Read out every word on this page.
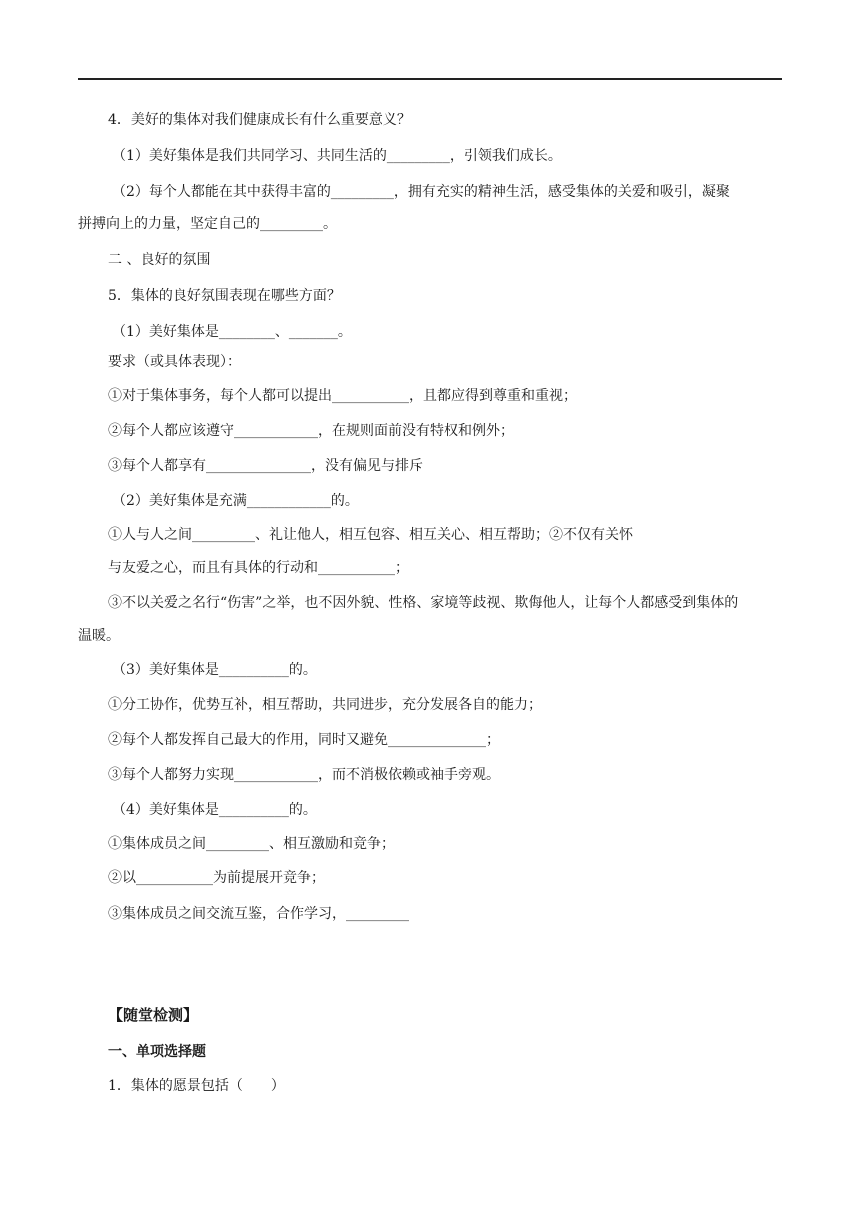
4．美好的集体对我们健康成长有什么重要意义？
（1）美好集体是我们共同学习、共同生活的_________，引领我们成长。
（2）每个人都能在其中获得丰富的_________，拥有充实的精神生活，感受集体的关爱和吸引，凝聚
拼搏向上的力量，坚定自己的_________。
二 、良好的氛围
5．集体的良好氛围表现在哪些方面？
（1）美好集体是________、_______。
要求（或具体表现）：
①对于集体事务，每个人都可以提出___________，且都应得到尊重和重视；
②每个人都应该遵守____________，在规则面前没有特权和例外；
③每个人都享有_______________，没有偏见与排斥
（2）美好集体是充满____________的。
①人与人之间_________、礼让他人，相互包容、相互关心、相互帮助；②不仅有关怀
与友爱之心，而且有具体的行动和___________；
③不以关爱之名行“伤害”之举，也不因外貌、性格、家境等歧视、欺侮他人，让每个人都感受到集体的
温暖。
（3）美好集体是__________的。
①分工协作，优势互补，相互帮助，共同进步，充分发展各自的能力；
②每个人都发挥自己最大的作用，同时又避免______________；
③每个人都努力实现____________，而不消极依赖或袖手旁观。
（4）美好集体是__________的。
①集体成员之间_________、相互激励和竞争；
②以___________为前提展开竞争；
③集体成员之间交流互鉴，合作学习，_________
【随堂检测】
一、单项选择题
1．集体的愿景包括（　　）
